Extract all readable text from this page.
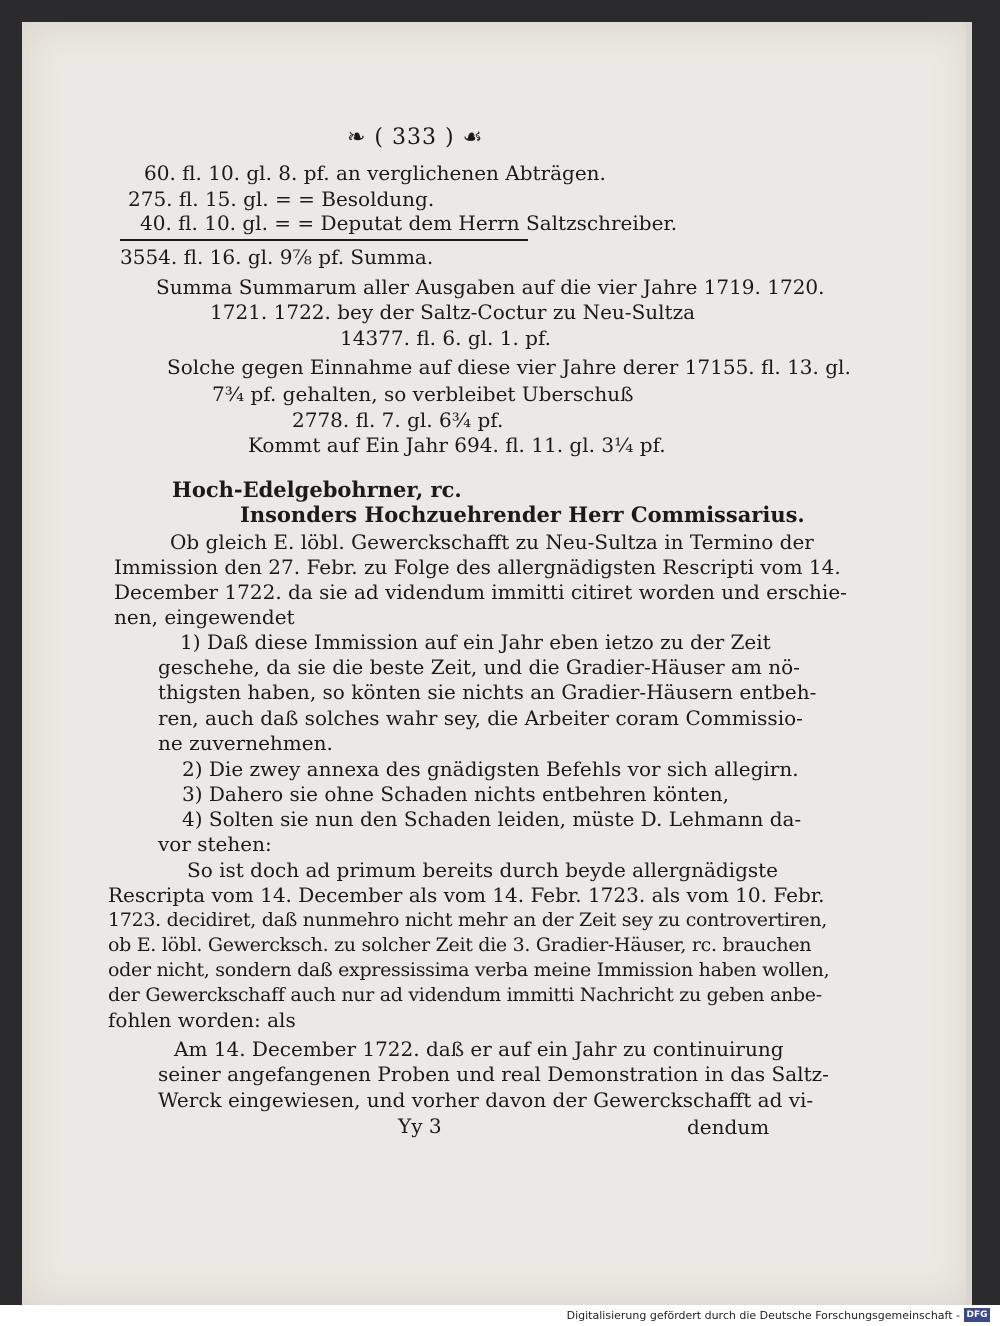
❧ ( 333 ) ☙
60. fl. 10. gl. 8. pf. an verglichenen Abträgen.
275. fl. 15. gl. = = Besoldung.
40. fl. 10. gl. = = Deputat dem Herrn Saltzschreiber.
3554. fl. 16. gl. 9⅞ pf. Summa.
Summa Summarum aller Ausgaben auf die vier Jahre 1719. 1720.
1721. 1722. bey der Saltz-Coctur zu Neu-Sultza
14377. fl. 6. gl. 1. pf.
Solche gegen Einnahme auf diese vier Jahre derer 17155. fl. 13. gl.
7¾ pf. gehalten, so verbleibet Uberschuß
2778. fl. 7. gl. 6¾ pf.
Kommt auf Ein Jahr 694. fl. 11. gl. 3¼ pf.
Hoch-Edelgebohrner, rc.
Insonders Hochzuehrender Herr Commissarius.
Ob gleich E. löbl. Gewerckschafft zu Neu-Sultza in Termino der
Immission den 27. Febr. zu Folge des allergnädigsten Rescripti vom 14.
December 1722. da sie ad videndum immitti citiret worden und erschie-
nen, eingewendet
1) Daß diese Immission auf ein Jahr eben ietzo zu der Zeit
geschehe, da sie die beste Zeit, und die Gradier-Häuser am nö-
thigsten haben, so könten sie nichts an Gradier-Häusern entbeh-
ren, auch daß solches wahr sey, die Arbeiter coram Commissio-
ne zuvernehmen.
2) Die zwey annexa des gnädigsten Befehls vor sich allegirn.
3) Dahero sie ohne Schaden nichts entbehren könten,
4) Solten sie nun den Schaden leiden, müste D. Lehmann da-
vor stehen:
So ist doch ad primum bereits durch beyde allergnädigste
Rescripta vom 14. December als vom 14. Febr. 1723. als vom 10. Febr.
1723. decidiret, daß nunmehro nicht mehr an der Zeit sey zu controvertiren,
ob E. löbl. Gewercksch. zu solcher Zeit die 3. Gradier-Häuser, rc. brauchen
oder nicht, sondern daß expressissima verba meine Immission haben wollen,
der Gewerckschaff auch nur ad videndum immitti Nachricht zu geben anbe-
fohlen worden: als
Am 14. December 1722. daß er auf ein Jahr zu continuirung
seiner angefangenen Proben und real Demonstration in das Saltz-
Werck eingewiesen, und vorher davon der Gewerckschafft ad vi-
Yy 3	dendum
Digitalisierung gefördert durch die Deutsche Forschungsgemeinschaft - DFG
